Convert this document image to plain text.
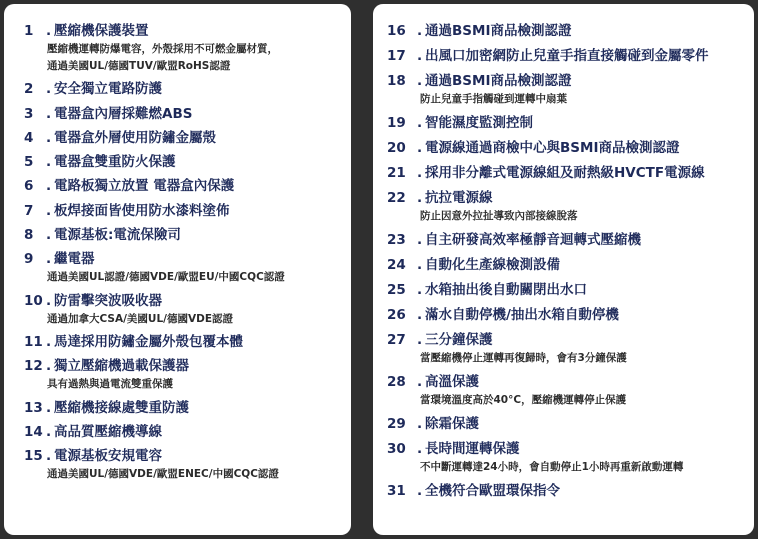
1 . 壓縮機保護裝置
壓縮機運轉防爆電容，外殼採用不可燃金屬材質，
通過美國UL/德國TUV/歐盟RoHS認證
2 . 安全獨立電路防護
3 . 電器盒內層採難燃ABS
4 . 電器盒外層使用防鏽金屬殼
5 . 電器盒雙重防火保護
6 . 電路板獨立放置 電器盒內保護
7 . 板焊接面皆使用防水漆料塗佈
8 . 電源基板:電流保險司
9 . 繼電器
通過美國UL認證/德國VDE/歐盟EU/中國CQC認證
10 . 防雷擊突波吸收器
通過加拿大CSA/美國UL/德國VDE認證
11 . 馬達採用防鏽金屬外殼包覆本體
12 . 獨立壓縮機過載保護器
具有過熱與過電流雙重保護
13 . 壓縮機接線處雙重防護
14 . 高品質壓縮機導線
15 . 電源基板安規電容
通過美國UL/德國VDE/歐盟ENEC/中國CQC認證
16 . 通過BSMI商品檢測認證
17 . 出風口加密網防止兒童手指直接觸碰到金屬零件
18 . 通過BSMI商品檢測認證
防止兒童手指觸碰到運轉中扇葉
19 . 智能濕度監測控制
20 . 電源線通過商檢中心與BSMI商品檢測認證
21 . 採用非分離式電源線組及耐熱級HVCTF電源線
22 . 抗拉電源線
防止因意外拉扯導致內部接線脫落
23 . 自主研發高效率極靜音迴轉式壓縮機
24 . 自動化生產線檢測設備
25 . 水箱抽出後自動關閉出水口
26 . 滿水自動停機/抽出水箱自動停機
27 . 三分鐘保護
當壓縮機停止運轉再復歸時，會有3分鐘保護
28 . 高溫保護
當環境溫度高於40°C，壓縮機運轉停止保護
29 . 除霜保護
30 . 長時間運轉保護
不中斷運轉達24小時，會自動停止1小時再重新啟動運轉
31 . 全機符合歐盟環保指令
